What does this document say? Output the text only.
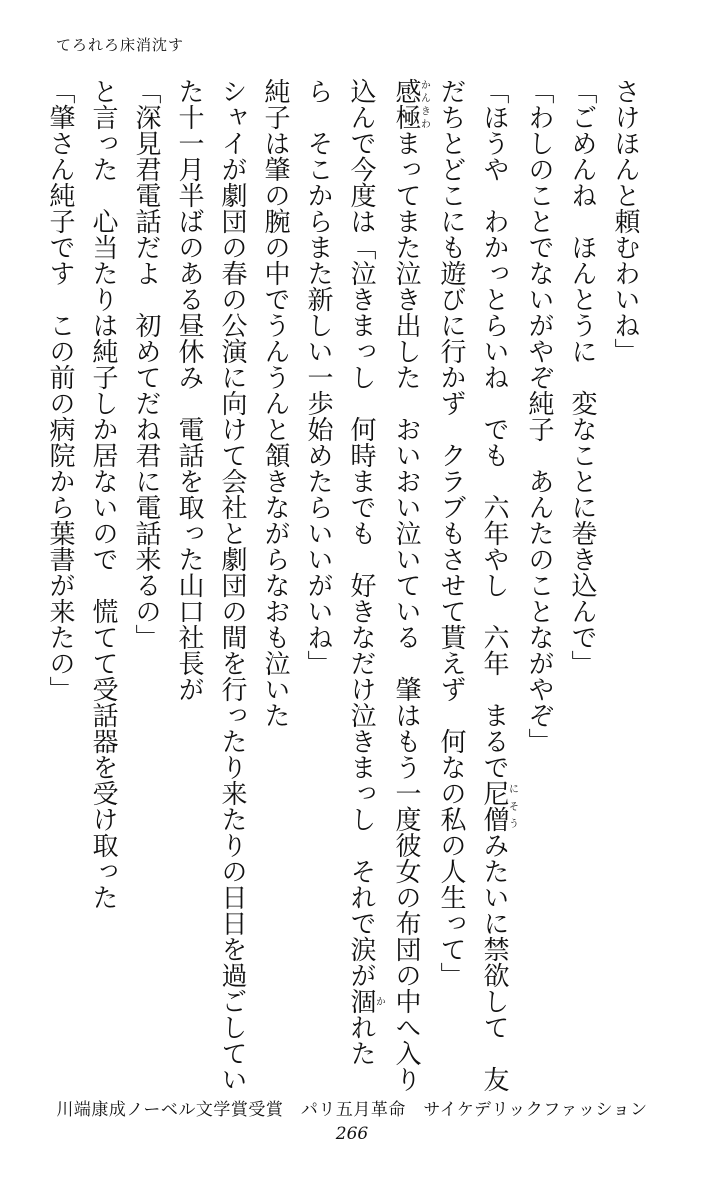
てろれろ床消沈す
さけほんと頼むわいね」
「ごめんね　ほんとうに　変なことに巻き込んで」
「わしのことでないがやぞ純子　あんたのことながやぞ」
「ほうや　わかっとらいね　でも　六年やし　六年　まるで尼僧にそうみたいに禁欲して　友
だちとどこにも遊びに行かず　クラブもさせて貰えず　何なの私の人生って」
感極かんきわまってまた泣き出した　おいおい泣いている　肇はもう一度彼女の布団の中へ入り
込んで今度は「泣きまっし　何時までも　好きなだけ泣きまっし　それで涙が涸かれた
ら　そこからまた新しい一歩始めたらいいがいね」
純子は肇の腕の中でうんうんと頷きながらなおも泣いた
シャイが劇団の春の公演に向けて会社と劇団の間を行ったり来たりの日日を過ごしてい
た十一月半ばのある昼休み　電話を取った山口社長が
「深見君電話だよ　初めてだね君に電話来るの」
と言った　心当たりは純子しか居ないので　慌てて受話器を受け取った
「肇さん純子です　この前の病院から葉書が来たの」
川端康成ノーベル文学賞受賞　パリ五月革命　サイケデリックファッション
266
